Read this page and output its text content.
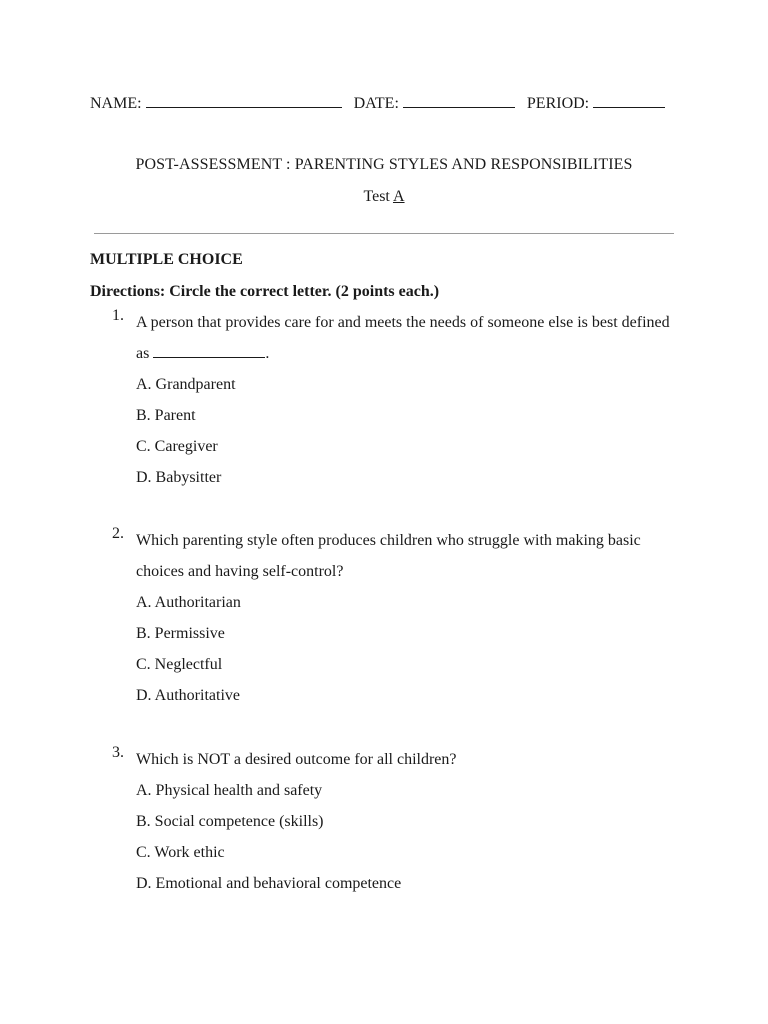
NAME:	DATE:	PERIOD:
POST-ASSESSMENT : PARENTING STYLES AND RESPONSIBILITIES
Test A
MULTIPLE CHOICE
Directions: Circle the correct letter. (2 points each.)
1. A person that provides care for and meets the needs of someone else is best defined as	.
A. Grandparent
B. Parent
C. Caregiver
D. Babysitter
2. Which parenting style often produces children who struggle with making basic choices and having self-control?
A. Authoritarian
B. Permissive
C. Neglectful
D. Authoritative
3. Which is NOT a desired outcome for all children?
A. Physical health and safety
B. Social competence (skills)
C. Work ethic
D. Emotional and behavioral competence
